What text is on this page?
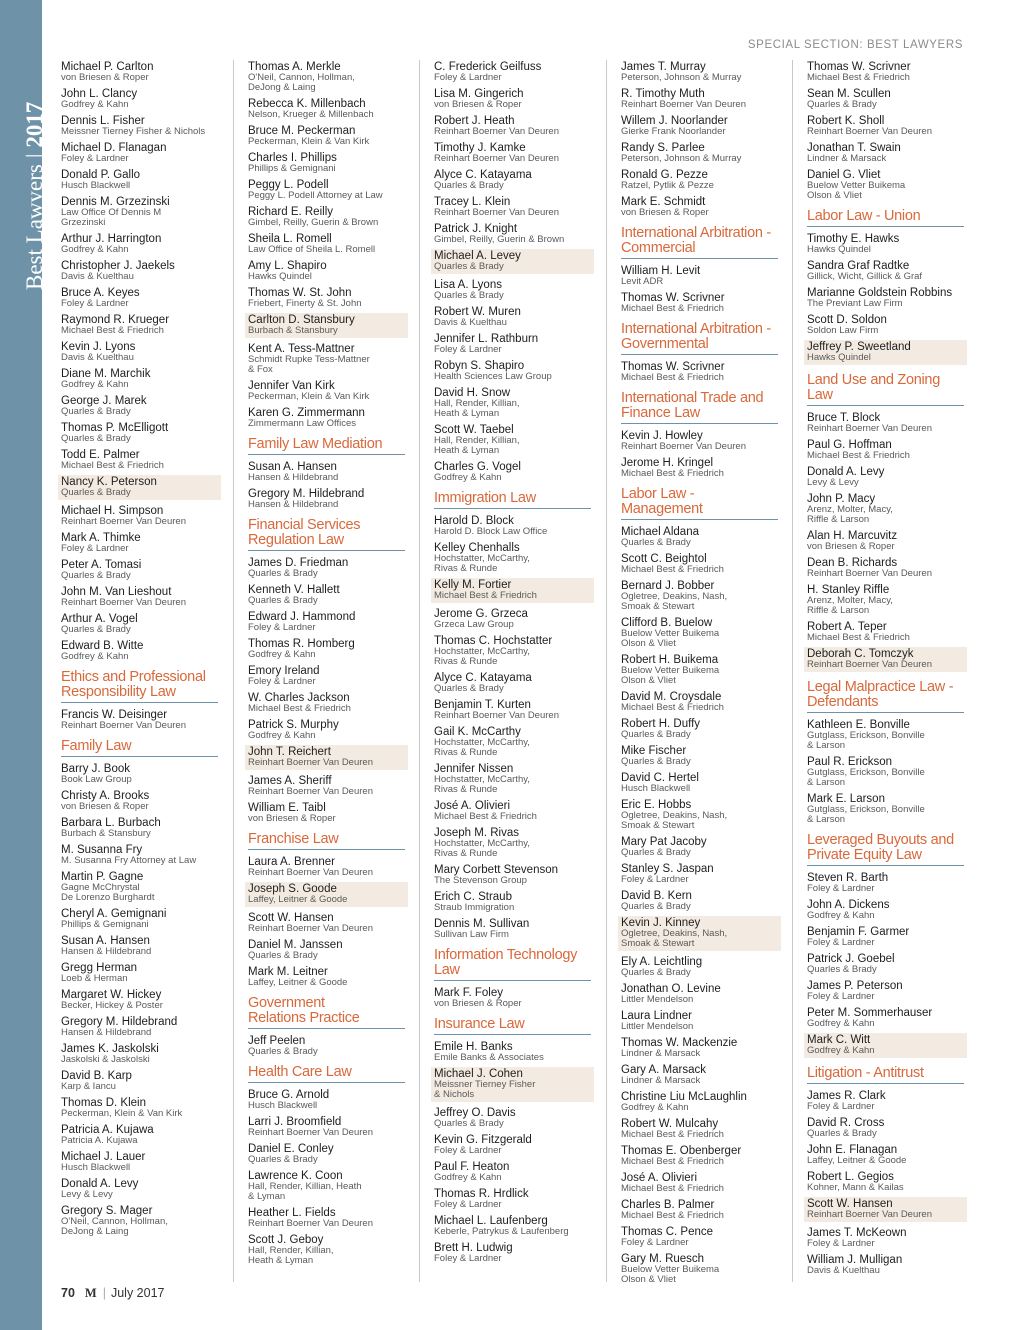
Best Lawyers|2017
SPECIAL SECTION: BEST LAWYERS
Michael P. Carlton
von Briesen & Roper
John L. Clancy
Godfrey & Kahn
Dennis L. Fisher
Meissner Tierney Fisher & Nichols
Michael D. Flanagan
Foley & Lardner
Donald P. Gallo
Husch Blackwell
Dennis M. Grzezinski
Law Office Of Dennis M
Grzezinski
Arthur J. Harrington
Godfrey & Kahn
Christopher J. Jaekels
Davis & Kuelthau
Bruce A. Keyes
Foley & Lardner
Raymond R. Krueger
Michael Best & Friedrich
Kevin J. Lyons
Davis & Kuelthau
Diane M. Marchik
Godfrey & Kahn
George J. Marek
Quarles & Brady
Thomas P. McElligott
Quarles & Brady
Todd E. Palmer
Michael Best & Friedrich
Nancy K. Peterson
Quarles & Brady
Michael H. Simpson
Reinhart Boerner Van Deuren
Mark A. Thimke
Foley & Lardner
Peter A. Tomasi
Quarles & Brady
John M. Van Lieshout
Reinhart Boerner Van Deuren
Arthur A. Vogel
Quarles & Brady
Edward B. Witte
Godfrey & Kahn
Ethics and Professional
Responsibility Law
Francis W. Deisinger
Reinhart Boerner Van Deuren
Family Law
Barry J. Book
Book Law Group
Christy A. Brooks
von Briesen & Roper
Barbara L. Burbach
Burbach & Stansbury
M. Susanna Fry
M. Susanna Fry Attorney at Law
Martin P. Gagne
Gagne McChrystal
De Lorenzo Burghardt
Cheryl A. Gemignani
Phillips & Gemignani
Susan A. Hansen
Hansen & Hildebrand
Gregg Herman
Loeb & Herman
Margaret W. Hickey
Becker, Hickey & Poster
Gregory M. Hildebrand
Hansen & Hildebrand
James K. Jaskolski
Jaskolski & Jaskolski
David B. Karp
Karp & Iancu
Thomas D. Klein
Peckerman, Klein & Van Kirk
Patricia A. Kujawa
Patricia A. Kujawa
Michael J. Lauer
Husch Blackwell
Donald A. Levy
Levy & Levy
Gregory S. Mager
O'Neil, Cannon, Hollman,
DeJong & Laing
Thomas A. Merkle
O'Neil, Cannon, Hollman,
DeJong & Laing
Rebecca K. Millenbach
Nelson, Krueger & Millenbach
Bruce M. Peckerman
Peckerman, Klein & Van Kirk
Charles I. Phillips
Phillips & Gemignani
Peggy L. Podell
Peggy L. Podell Attorney at Law
Richard E. Reilly
Gimbel, Reilly, Guerin & Brown
Sheila L. Romell
Law Office of Sheila L. Romell
Amy L. Shapiro
Hawks Quindel
Thomas W. St. John
Friebert, Finerty & St. John
Carlton D. Stansbury
Burbach & Stansbury
Kent A. Tess-Mattner
Schmidt Rupke Tess-Mattner
& Fox
Jennifer Van Kirk
Peckerman, Klein & Van Kirk
Karen G. Zimmermann
Zimmermann Law Offices
Family Law Mediation
Susan A. Hansen
Hansen & Hildebrand
Gregory M. Hildebrand
Hansen & Hildebrand
Financial Services
Regulation Law
James D. Friedman
Quarles & Brady
Kenneth V. Hallett
Quarles & Brady
Edward J. Hammond
Foley & Lardner
Thomas R. Homberg
Godfrey & Kahn
Emory Ireland
Foley & Lardner
W. Charles Jackson
Michael Best & Friedrich
Patrick S. Murphy
Godfrey & Kahn
John T. Reichert
Reinhart Boerner Van Deuren
James A. Sheriff
Reinhart Boerner Van Deuren
William E. Taibl
von Briesen & Roper
Franchise Law
Laura A. Brenner
Reinhart Boerner Van Deuren
Joseph S. Goode
Laffey, Leitner & Goode
Scott W. Hansen
Reinhart Boerner Van Deuren
Daniel M. Janssen
Quarles & Brady
Mark M. Leitner
Laffey, Leitner & Goode
Government
Relations Practice
Jeff Peelen
Quarles & Brady
Health Care Law
Bruce G. Arnold
Husch Blackwell
Larri J. Broomfield
Reinhart Boerner Van Deuren
Daniel E. Conley
Quarles & Brady
Lawrence K. Coon
Hall, Render, Killian, Heath
& Lyman
Heather L. Fields
Reinhart Boerner Van Deuren
Scott J. Geboy
Hall, Render, Killian,
Heath & Lyman
C. Frederick Geilfuss
Foley & Lardner
Lisa M. Gingerich
von Briesen & Roper
Robert J. Heath
Reinhart Boerner Van Deuren
Timothy J. Kamke
Reinhart Boerner Van Deuren
Alyce C. Katayama
Quarles & Brady
Tracey L. Klein
Reinhart Boerner Van Deuren
Patrick J. Knight
Gimbel, Reilly, Guerin & Brown
Michael A. Levey
Quarles & Brady
Lisa A. Lyons
Quarles & Brady
Robert W. Muren
Davis & Kuelthau
Jennifer L. Rathburn
Foley & Lardner
Robyn S. Shapiro
Health Sciences Law Group
David H. Snow
Hall, Render, Killian,
Heath & Lyman
Scott W. Taebel
Hall, Render, Killian,
Heath & Lyman
Charles G. Vogel
Godfrey & Kahn
Immigration Law
Harold D. Block
Harold D. Block Law Office
Kelley Chenhalls
Hochstatter, McCarthy,
Rivas & Runde
Kelly M. Fortier
Michael Best & Friedrich
Jerome G. Grzeca
Grzeca Law Group
Thomas C. Hochstatter
Hochstatter, McCarthy,
Rivas & Runde
Alyce C. Katayama
Quarles & Brady
Benjamin T. Kurten
Reinhart Boerner Van Deuren
Gail K. McCarthy
Hochstatter, McCarthy,
Rivas & Runde
Jennifer Nissen
Hochstatter, McCarthy,
Rivas & Runde
José A. Olivieri
Michael Best & Friedrich
Joseph M. Rivas
Hochstatter, McCarthy,
Rivas & Runde
Mary Corbett Stevenson
The Stevenson Group
Erich C. Straub
Straub Immigration
Dennis M. Sullivan
Sullivan Law Firm
Information Technology Law
Mark F. Foley
von Briesen & Roper
Insurance Law
Emile H. Banks
Emile Banks & Associates
Michael J. Cohen
Meissner Tierney Fisher
& Nichols
Jeffrey O. Davis
Quarles & Brady
Kevin G. Fitzgerald
Foley & Lardner
Paul F. Heaton
Godfrey & Kahn
Thomas R. Hrdlick
Foley & Lardner
Michael L. Laufenberg
Keberle, Patrykus & Laufenberg
Brett H. Ludwig
Foley & Lardner
James T. Murray
Peterson, Johnson & Murray
R. Timothy Muth
Reinhart Boerner Van Deuren
Willem J. Noorlander
Gierke Frank Noorlander
Randy S. Parlee
Peterson, Johnson & Murray
Ronald G. Pezze
Ratzel, Pytlik & Pezze
Mark E. Schmidt
von Briesen & Roper
International Arbitration -
Commercial
William H. Levit
Levit ADR
Thomas W. Scrivner
Michael Best & Friedrich
International Arbitration -
Governmental
Thomas W. Scrivner
Michael Best & Friedrich
International Trade and
Finance Law
Kevin J. Howley
Reinhart Boerner Van Deuren
Jerome H. Kringel
Michael Best & Friedrich
Labor Law - Management
Michael Aldana
Quarles & Brady
Scott C. Beightol
Michael Best & Friedrich
Bernard J. Bobber
Ogletree, Deakins, Nash,
Smoak & Stewart
Clifford B. Buelow
Buelow Vetter Buikema
Olson & Vliet
Robert H. Buikema
Buelow Vetter Buikema
Olson & Vliet
David M. Croysdale
Michael Best & Friedrich
Robert H. Duffy
Quarles & Brady
Mike Fischer
Quarles & Brady
David C. Hertel
Husch Blackwell
Eric E. Hobbs
Ogletree, Deakins, Nash,
Smoak & Stewart
Mary Pat Jacoby
Quarles & Brady
Stanley S. Jaspan
Foley & Lardner
David B. Kern
Quarles & Brady
Kevin J. Kinney
Ogletree, Deakins, Nash,
Smoak & Stewart
Ely A. Leichtling
Quarles & Brady
Jonathan O. Levine
Littler Mendelson
Laura Lindner
Littler Mendelson
Thomas W. Mackenzie
Lindner & Marsack
Gary A. Marsack
Lindner & Marsack
Christine Liu McLaughlin
Godfrey & Kahn
Robert W. Mulcahy
Michael Best & Friedrich
Thomas E. Obenberger
Michael Best & Friedrich
José A. Olivieri
Michael Best & Friedrich
Charles B. Palmer
Michael Best & Friedrich
Thomas C. Pence
Foley & Lardner
Gary M. Ruesch
Buelow Vetter Buikema
Olson & Vliet
Thomas W. Scrivner
Michael Best & Friedrich
Sean M. Scullen
Quarles & Brady
Robert K. Sholl
Reinhart Boerner Van Deuren
Jonathan T. Swain
Lindner & Marsack
Daniel G. Vliet
Buelow Vetter Buikema
Olson & Vliet
Labor Law - Union
Timothy E. Hawks
Hawks Quindel
Sandra Graf Radtke
Gillick, Wicht, Gillick & Graf
Marianne Goldstein Robbins
The Previant Law Firm
Scott D. Soldon
Soldon Law Firm
Jeffrey P. Sweetland
Hawks Quindel
Land Use and Zoning Law
Bruce T. Block
Reinhart Boerner Van Deuren
Paul G. Hoffman
Michael Best & Friedrich
Donald A. Levy
Levy & Levy
John P. Macy
Arenz, Molter, Macy,
Riffle & Larson
Alan H. Marcuvitz
von Briesen & Roper
Dean B. Richards
Reinhart Boerner Van Deuren
H. Stanley Riffle
Arenz, Molter, Macy,
Riffle & Larson
Robert A. Teper
Michael Best & Friedrich
Deborah C. Tomczyk
Reinhart Boerner Van Deuren
Legal Malpractice Law -
Defendants
Kathleen E. Bonville
Gutglass, Erickson, Bonville
& Larson
Paul R. Erickson
Gutglass, Erickson, Bonville
& Larson
Mark E. Larson
Gutglass, Erickson, Bonville
& Larson
Leveraged Buyouts and
Private Equity Law
Steven R. Barth
Foley & Lardner
John A. Dickens
Godfrey & Kahn
Benjamin F. Garmer
Foley & Lardner
Patrick J. Goebel
Quarles & Brady
James P. Peterson
Foley & Lardner
Peter M. Sommerhauser
Godfrey & Kahn
Mark C. Witt
Godfrey & Kahn
Litigation - Antitrust
James R. Clark
Foley & Lardner
David R. Cross
Quarles & Brady
John E. Flanagan
Laffey, Leitner & Goode
Robert L. Gegios
Kohner, Mann & Kailas
Scott W. Hansen
Reinhart Boerner Van Deuren
James T. McKeown
Foley & Lardner
William J. Mulligan
Davis & Kuelthau
70 M | July 2017
